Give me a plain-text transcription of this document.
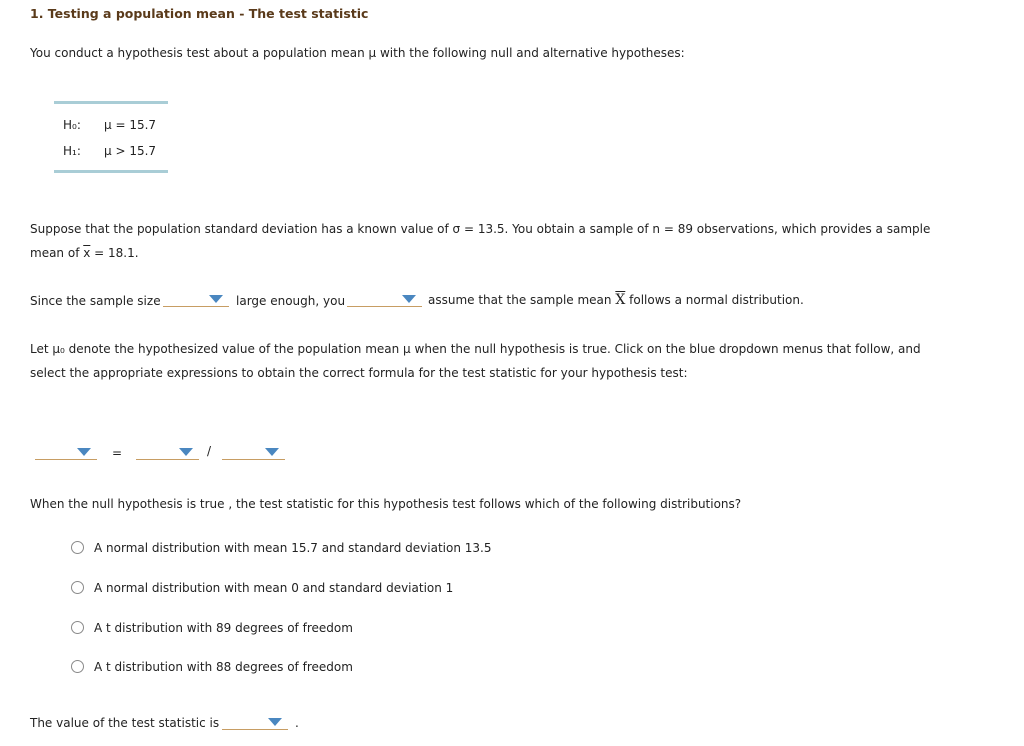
1. Testing a population mean - The test statistic
You conduct a hypothesis test about a population mean μ with the following null and alternative hypotheses:
H₀: μ = 15.7
H₁: μ > 15.7
Suppose that the population standard deviation has a known value of σ = 13.5. You obtain a sample of n = 89 observations, which provides a sample
mean of $\overline{x} = 18.1$.
Since the sample size	large enough, you	assume that the sample mean $\overline{X}$ follows a normal distribution.
Let μ₀ denote the hypothesized value of the population mean μ when the null hypothesis is true. Click on the blue dropdown menus that follow, and
select the appropriate expressions to obtain the correct formula for the test statistic for your hypothesis test:
=	/
When the null hypothesis is true , the test statistic for this hypothesis test follows which of the following distributions?
A normal distribution with mean 15.7 and standard deviation 13.5
A normal distribution with mean 0 and standard deviation 1
A t distribution with 89 degrees of freedom
A t distribution with 88 degrees of freedom
The value of the test statistic is	.
